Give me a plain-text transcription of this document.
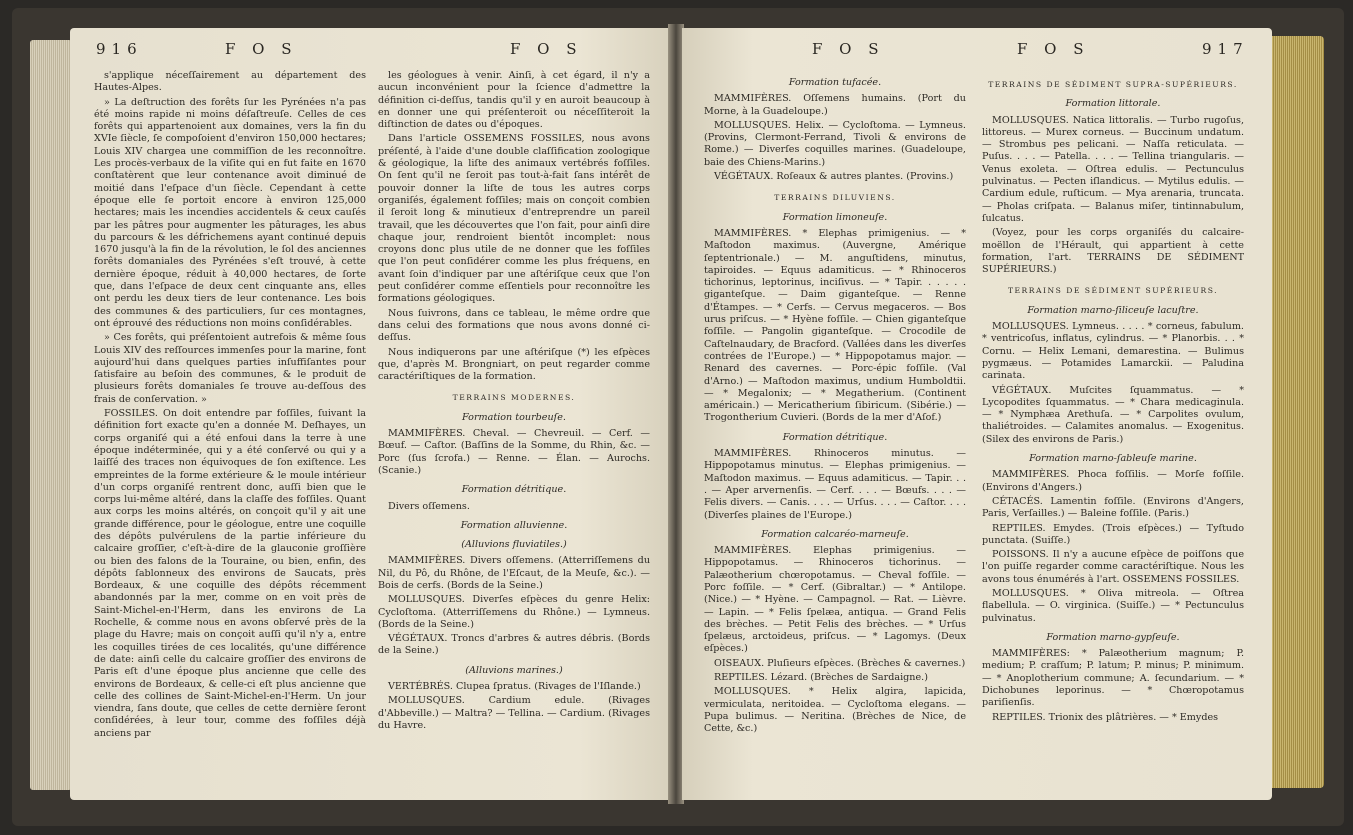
916	F O S	F O S

s'applique néceſſairement au département des Hautes-Alpes.

» La deſtruction des forêts ſur les Pyrénées n'a pas été moins rapide ni moins déſaſtreuſe. Celles de ces forêts qui appartenoient aux domaines, vers la fin du XVIe ſiècle, ſe compoſoient d'environ 150,000 hectares; Louis XIV chargea une commiſſion de les reconnoître. Les procès-verbaux de la viſite qui en fut faite en 1670 conſtatèrent que leur contenance avoit diminué de moitié dans l'eſpace d'un ſiècle. Cependant à cette époque elle ſe portoit encore à environ 125,000 hectares; mais les incendies accidentels & ceux cauſés par les pâtres pour augmenter les pâturages, les abus du parcours & les défrichemens ayant continué depuis 1670 jusqu'à la fin de la révolution, le ſol des anciennes forêts domaniales des Pyrénées s'eſt trouvé, à cette dernière époque, réduit à 40,000 hectares, de ſorte que, dans l'eſpace de deux cent cinquante ans, elles ont perdu les deux tiers de leur contenance. Les bois des communes & des particuliers, ſur ces montagnes, ont éprouvé des réductions non moins conſidérables.

» Ces forêts, qui préſentoient autrefois & même ſous Louis XIV des reſſources immenſes pour la marine, font aujourd'hui dans quelques parties inſuffiſantes pour ſatisfaire au beſoin des communes, & le produit de plusieurs forêts domaniales ſe trouve au-deſſous des frais de conſervation. »

FOSSILES. On doit entendre par foſſiles, ſuivant la définition fort exacte qu'en a donnée M. Deſhayes, un corps organiſé qui a été enfoui dans la terre à une époque indéterminée, qui y a été conſervé ou qui y a laiſſé des traces non équivoques de ſon exiſtence. Les empreintes de la forme extérieure & le moule intérieur d'un corps organiſé rentrent donc, auſſi bien que le corps lui-même altéré, dans la claſſe des foſſiles. Quant aux corps les moins altérés, on conçoit qu'il y ait une grande différence, pour le géologue, entre une coquille des dépôts pulvérulens de la partie inférieure du calcaire groſſier, c'eſt-à-dire de la glauconie groſſière ou bien des falons de la Touraine, ou bien, enfin, des dépôts ſablonneux des environs de Saucats, près Bordeaux, & une coquille des dépôts récemment abandonnés par la mer, comme on en voit près de Saint-Michel-en-l'Herm, dans les environs de La Rochelle, & comme nous en avons obſervé près de la plage du Havre; mais on conçoit auſſi qu'il n'y a, entre les coquilles tirées de ces localités, qu'une différence de date: ainſi celle du calcaire groſſier des environs de Paris eſt d'une époque plus ancienne que celle des environs de Bordeaux, & celle-ci eſt plus ancienne que celle des collines de Saint-Michel-en-l'Herm. Un jour viendra, ſans doute, que celles de cette dernière ſeront conſidérées, à leur tour, comme des foſſiles déjà anciens par

les géologues à venir. Ainſi, à cet égard, il n'y a aucun inconvénient pour la ſcience d'admettre la définition ci-deſſus, tandis qu'il y en auroit beaucoup à en donner une qui préſenteroit ou néceſſiteroit la diſtinction de dates ou d'époques.

Dans l'article OSSEMENS FOSSILES, nous avons préſenté, à l'aide d'une double claſſification zoologique & géologique, la liſte des animaux vertébrés foſſiles. On ſent qu'il ne ſeroit pas tout-à-fait ſans intérêt de pouvoir donner la liſte de tous les autres corps organiſés, également foſſiles; mais on conçoit combien il ſeroit long & minutieux d'entreprendre un pareil travail, que les découvertes que l'on fait, pour ainſi dire chaque jour, rendroient bientôt incomplet: nous croyons donc plus utile de ne donner que les foſſiles que l'on peut conſidérer comme les plus fréquens, en avant ſoin d'indiquer par une aſtériſque ceux que l'on peut conſidérer comme eſſentiels pour reconnoître les formations géologiques.

Nous ſuivrons, dans ce tableau, le même ordre que dans celui des formations que nous avons donné ci-deſſus.

Nous indiquerons par une aſtériſque (*) les eſpèces que, d'après M. Brongniart, on peut regarder comme caractériſtiques de la formation.

TERRAINS MODERNES.

Formation tourbeuſe.

MAMMIFÈRES. Cheval. — Chevreuil. — Cerf. — Bœuf. — Caſtor. (Baſſins de la Somme, du Rhin, &c. — Porc (ſus ſcrofa.) — Renne. — Élan. — Aurochs. (Scanie.)

Formation détritique.

Divers oſſemens.

Formation alluvienne.

(Alluvions fluviatiles.)

MAMMIFÈRES. Divers oſſemens. (Atterriſſemens du Nil, du Pô, du Rhône, de l'Eſcaut, de la Meuſe, &c.). — Bois de cerfs. (Bords de la Seine.)

MOLLUSQUES. Diverſes eſpèces du genre Helix: Cycloſtoma. (Atterriſſemens du Rhône.) — Lymneus. (Bords de la Seine.)

VÉGÉTAUX. Troncs d'arbres & autres débris. (Bords de la Seine.)

(Alluvions marines.)

VERTÉBRÉS. Clupea ſpratus. (Rivages de l'Iſlande.)

MOLLUSQUES. Cardium edule. (Rivages d'Abbeville.) — Maltra? — Tellina. — Cardium. (Rivages du Havre.

F O S	F O S	917

Formation tufacée.

MAMMIFÈRES. Oſſemens humains. (Port du Morne, à la Guadeloupe.)

MOLLUSQUES. Helix. — Cycloſtoma. — Lymneus. (Provins, Clermont-Ferrand, Tivoli & environs de Rome.) — Diverſes coquilles marines. (Guadeloupe, baie des Chiens-Marins.)

VÉGÉTAUX. Roſeaux & autres plantes. (Provins.)

TERRAINS DILUVIENS.

Formation limoneuſe.

MAMMIFÈRES. * Elephas primigenius. — * Maſtodon maximus. (Auvergne, Amérique ſeptentrionale.) — M. anguſtidens, minutus, tapiroides. — Equus adamiticus. — * Rhinoceros tichorinus, leptorinus, inciſivus. — * Tapir. . . . . . giganteſque. — Daim giganteſque. — Renne d'Étampes. — * Cerfs. — Cervus megaceros. — Bos urus priſcus. — * Hyène foſſile. — Chien giganteſque foſſile. — Pangolin giganteſque. — Crocodile de Caſtelnaudary, de Bracford. (Vallées dans les diverſes contrées de l'Europe.) — * Hippopotamus major. — Renard des cavernes. — Porc-épic foſſile. (Val d'Arno.) — Maſtodon maximus, undium Humboldtii. — * Megalonix; — * Megatherium. (Continent américain.) — Mericatherium ſibiricum. (Sibérie.) — Trogontherium Cuvieri. (Bords de la mer d'Aſof.)

Formation détritique.

MAMMIFÈRES. Rhinoceros minutus. — Hippopotamus minutus. — Elephas primigenius. — Maſtodon maximus. — Equus adamiticus. — Tapir. . . . — Aper arvernenſis. — Cerf. . . . — Bœufs. . . . — Felis divers. — Canis. . . . — Urſus. . . . — Caſtor. . . . (Diverſes plaines de l'Europe.)

Formation calcaréo-marneuſe.

MAMMIFÈRES. Elephas primigenius. — Hippopotamus. — Rhinoceros tichorinus. — Palæotherium chœropotamus. — Cheval foſſile. — Porc foſſile. — * Cerf. (Gibraltar.) — * Antilope. (Nice.) — * Hyène. — Campagnol. — Rat. — Lièvre. — Lapin. — * Felis ſpelæa, antiqua. — Grand Felis des brèches. — Petit Felis des brèches. — * Urſus ſpelæus, arctoideus, priſcus. — * Lagomys. (Deux eſpèces.)

OISEAUX. Pluſieurs eſpèces. (Brèches & cavernes.)

REPTILES. Lézard. (Brèches de Sardaigne.)

MOLLUSQUES. * Helix algira, lapicida, vermiculata, neritoidea. — Cycloſtoma elegans. — Pupa bulimus. — Neritina. (Brèches de Nice, de Cette, &c.)

TERRAINS DE SÉDIMENT SUPRA-SUPÉRIEURS.

Formation littorale.

MOLLUSQUES. Natica littoralis. — Turbo rugoſus, littoreus. — Murex corneus. — Buccinum undatum. — Strombus pes pelicani. — Naſſa reticulata. — Puſus. . . . — Patella. . . . — Tellina triangularis. — Venus exoleta. — Oſtrea edulis. — Pectunculus pulvinatus. — Pecten iſlandicus. — Mytilus edulis. — Cardium edule, ruſticum. — Mya arenaria, truncata. — Pholas criſpata. — Balanus miſer, tintinnabulum, ſulcatus.

(Voyez, pour les corps organiſés du calcaire-moëllon de l'Hérault, qui appartient à cette formation, l'art. TERRAINS DE SÉDIMENT SUPÉRIEURS.)

TERRAINS DE SÉDIMENT SUPÉRIEURS.

Formation marno-ſiliceuſe lacuſtre.

MOLLUSQUES. Lymneus. . . . . * corneus, fabulum. * ventricoſus, inflatus, cylindrus. — * Planorbis. . . * Cornu. — Helix Lemani, demarestina. — Bulimus pygmæus. — Potamides Lamarckii. — Paludina carinata.

VÉGÉTAUX. Muſcites ſquammatus. — * Lycopodites ſquammatus. — * Chara medicaginula. — * Nymphæa Arethuſa. — * Carpolites ovulum, thaliétroides. — Calamites anomalus. — Exogenitus. (Silex des environs de Paris.)

Formation marno-ſableuſe marine.

MAMMIFÈRES. Phoca foſſilis. — Morſe foſſile. (Environs d'Angers.)

CÉTACÉS. Lamentin foſſile. (Environs d'Angers, Paris, Verſailles.) — Baleine foſſile. (Paris.)

REPTILES. Emydes. (Trois eſpèces.) — Tyſtudo punctata. (Suiſſe.)

POISSONS. Il n'y a aucune eſpèce de poiſſons que l'on puiſſe regarder comme caractériſtique. Nous les avons tous énumérés à l'art. OSSEMENS FOSSILES.

MOLLUSQUES. * Oliva mitreola. — Oſtrea flabellula. — O. virginica. (Suiſſe.) — * Pectunculus pulvinatus.

Formation marno-gypſeuſe.

MAMMIFÈRES: * Palæotherium magnum; P. medium; P. craſſum; P. latum; P. minus; P. minimum. — * Anoplotherium commune; A. ſecundarium. — * Dichobunes leporinus. — * Chœropotamus pariſienſis.

REPTILES. Trionix des plâtrières. — * Emydes
